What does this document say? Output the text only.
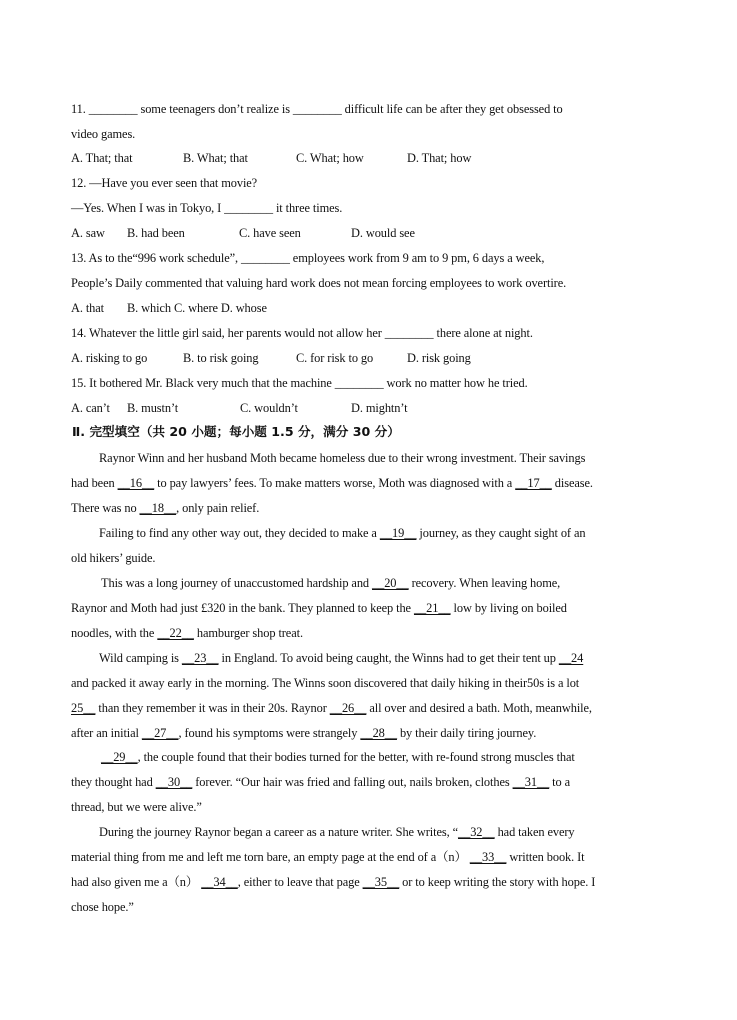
11. ________ some teenagers don’t realize is ________ difficult life can be after they get obsessed to
video games.
A. That; that	B. What; that	C. What; how	D. That; how
12. —Have you ever seen that movie?
—Yes. When I was in Tokyo, I ________ it three times.
A. saw B. had been	C. have seen	D. would see
13. As to the“996 work schedule”, ________ employees work from 9 am to 9 pm, 6 days a week,
People’s Daily commented that valuing hard work does not mean forcing employees to work overtire.
A. that B. which C. where D. whose
14. Whatever the little girl said, her parents would not allow her ________ there alone at night.
A. risking to go	B. to risk going	C. for risk to go	D. risk going
15. It bothered Mr. Black very much that the machine ________ work no matter how he tried.
A. can’t B. mustn’t	C. wouldn’t	D. mightn’t
Ⅱ. 完型填空（共 20 小题；每小题 1.5 分，满分 30 分）
Raynor Winn and her husband Moth became homeless due to their wrong investment. Their savings
had been __16__ to pay lawyers’ fees. To make matters worse, Moth was diagnosed with a __17__ disease.
There was no __18__, only pain relief.
Failing to find any other way out, they decided to make a __19__ journey, as they caught sight of an
old hikers’ guide.
This was a long journey of unaccustomed hardship and __20__ recovery. When leaving home,
Raynor and Moth had just £320 in the bank. They planned to keep the __21__ low by living on boiled
noodles, with the __22__ hamburger shop treat.
Wild camping is __23__ in England. To avoid being caught, the Winns had to get their tent up __24
and packed it away early in the morning. The Winns soon discovered that daily hiking in their50s is a lot
25__ than they remember it was in their 20s. Raynor __26__ all over and desired a bath. Moth, meanwhile,
after an initial __27__, found his symptoms were strangely __28__ by their daily tiring journey.
__29__, the couple found that their bodies turned for the better, with re-found strong muscles that
they thought had __30__ forever. “Our hair was fried and falling out, nails broken, clothes __31__ to a
thread, but we were alive.”
During the journey Raynor began a career as a nature writer. She writes, “__32__ had taken every
material thing from me and left me torn bare, an empty page at the end of a（n） __33__ written book. It
had also given me a（n） __34__, either to leave that page __35__ or to keep writing the story with hope. I
chose hope.”
